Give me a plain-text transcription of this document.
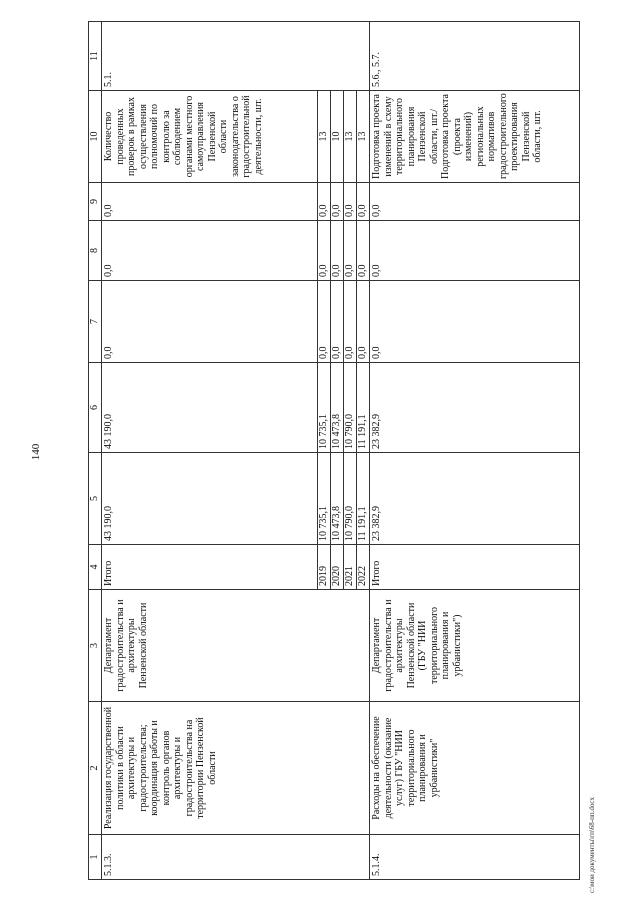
140
c:\мои документы\гп\68-пп.docx
1	2	3	4	5	6	7	8	9	10	11
5.1.3.	Реализация государственной политики в области архитектуры и градостроительства; координация работы и контроль органов архитектуры и градостроительства на территории Пензенской области	Департамент градостроительства и архитектуры Пензенской области	Итого	43 190,0	43 190,0	0,0	0,0	0,0	Количество проведенных проверок в рамках осуществления полномочий по контролю за соблюдением органами местного самоуправления Пензенской области законодательства о градостроительной деятельности, шт.	5.1.
			2019	10 735,1	10 735,1	0,0	0,0	0,0	13	
			2020	10 473,8	10 473,8	0,0	0,0	0,0	10	
			2021	10 790,0	10 790,0	0,0	0,0	0,0	13	
			2022	11 191,1	11 191,1	0,0	0,0	0,0	13	
5.1.4.	Расходы на обеспечение деятельности (оказание услуг) ГБУ "НИИ территориального планирования и урбанистики"	Департамент градостроительства и архитектуры Пензенской области (ГБУ "НИИ территориального планирования и урбанистики")	Итого	23 382,9	23 382,9	0,0	0,0	0,0	Подготовка проекта изменений в схему территориального планирования Пензенской области, шт./ Подготовка проекта (проекта изменений) региональных нормативов градостроительного проектирования Пензенской области, шт.	5.6., 5.7.
